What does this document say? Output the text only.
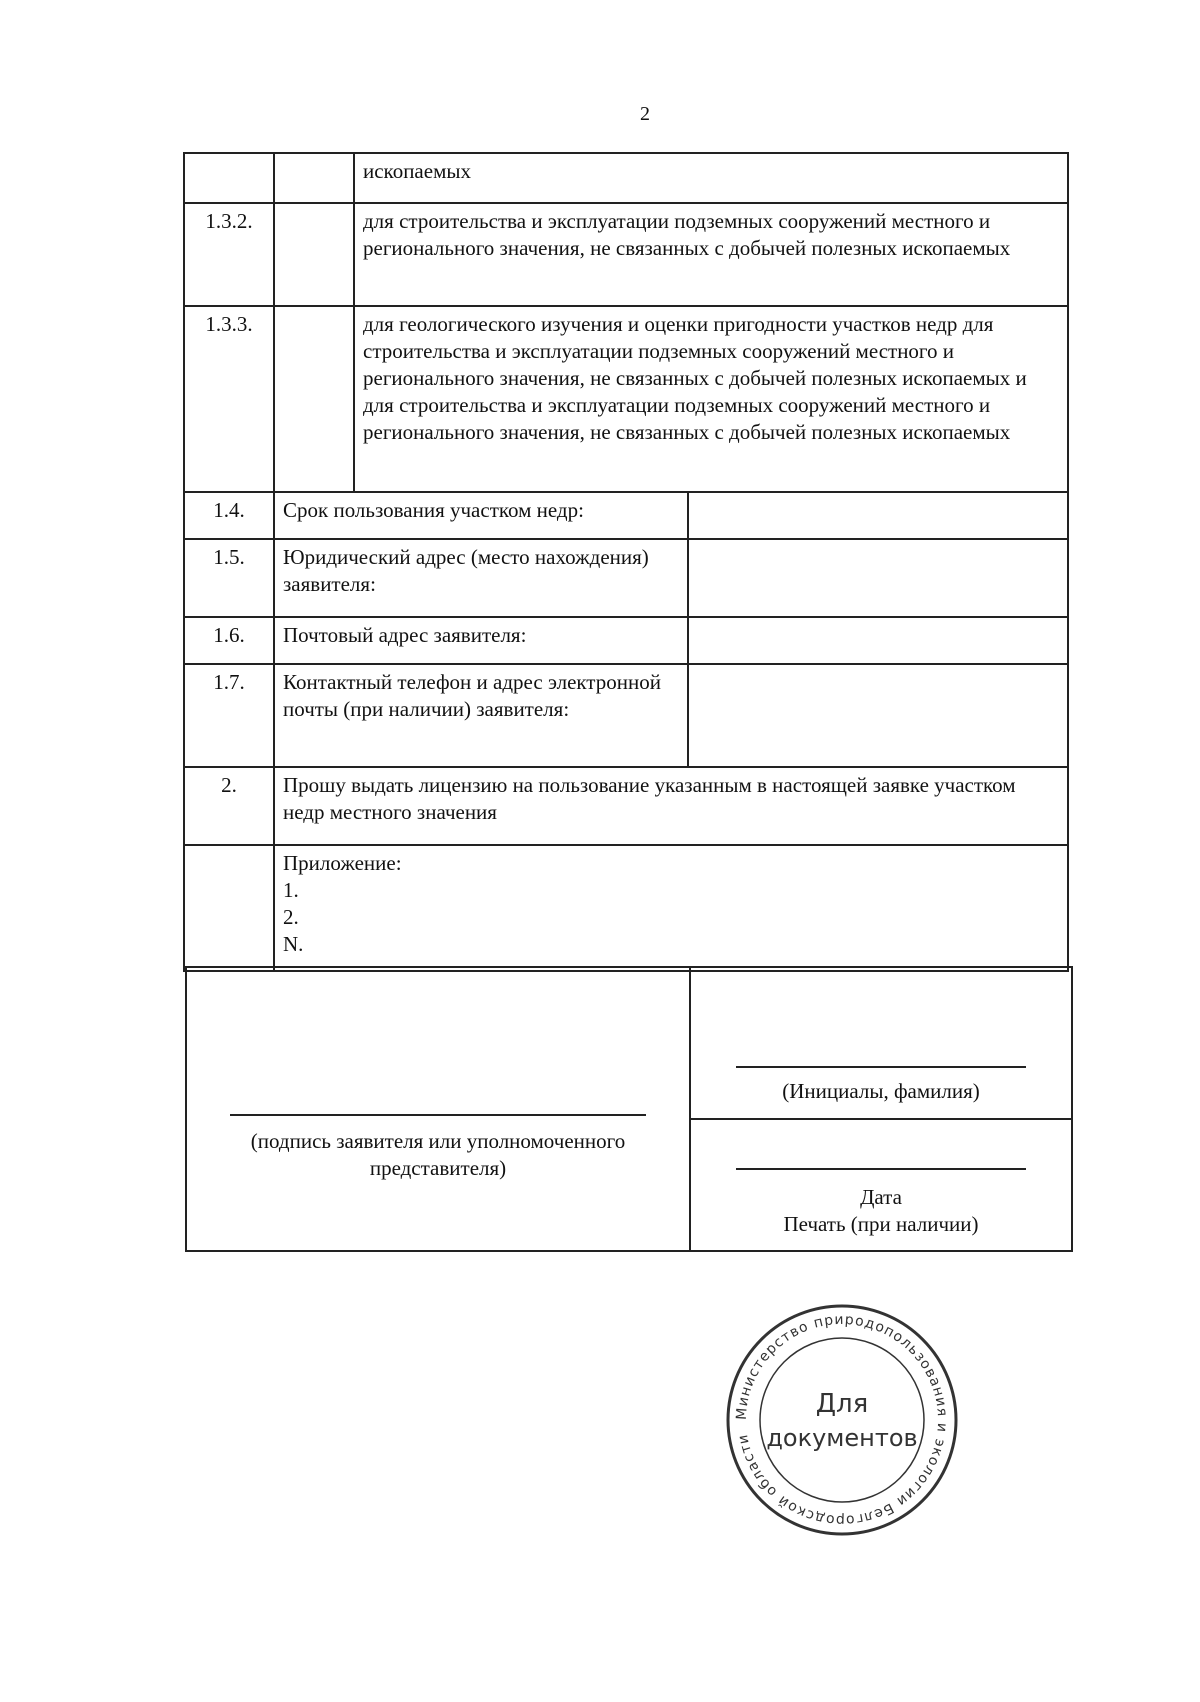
2
		ископаемых	
1.3.2.		для строительства и эксплуатации подземных сооружений местного и регионального значения, не связанных с добычей полезных ископаемых	
1.3.3.		для геологического изучения и оценки пригодности участков недр для строительства и эксплуатации подземных сооружений местного и регионального значения, не связанных с добычей полезных ископаемых и для строительства и эксплуатации подземных сооружений местного и регионального значения, не связанных с добычей полезных ископаемых	
1.4.	Срок пользования участком недр:		
1.5.	Юридический адрес (место нахождения) заявителя:		
1.6.	Почтовый адрес заявителя:		
1.7.	Контактный телефон и адрес электронной почты (при наличии) заявителя:		
2.	Прошу выдать лицензию на пользование указанным в настоящей заявке участком недр местного значения		

	Приложение:
1.
2.
N.		
(подпись заявителя или уполномоченного представителя)

(Инициалы, фамилия)

Дата
Печать (при наличии)
Министерство природопользования и экологии Белгородской области
Для
документов
